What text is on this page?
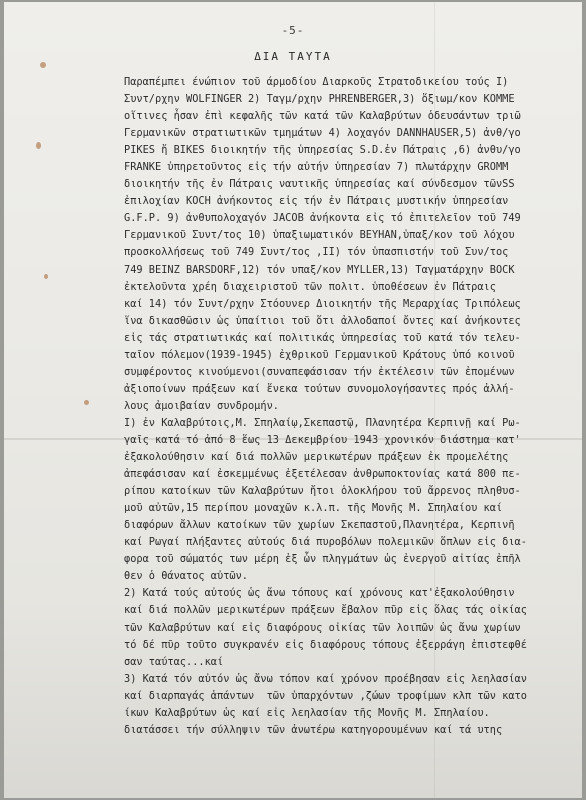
-5-
ΔΙΑ ΤΑΥΤΑ
Παραπέμπει ένώπιον τοῦ άρμοδίου Διαρκοῦς Στρατοδικείου τούς Ι)
Συντ/ρχην WOLFINGER 2) Ταγμ/ρχην PHRENBERGER,3) ὅξιωμ/κον ΚΟΜΜΕ
οἵτινες ἦσαν ἐπὶ κεφαλῆς τῶν κατά τῶν Καλαβρύτων ὁδευσάντων τριῶ
Γερμανικῶν στρατιωτικῶν τμημάτων 4) λοχαγόν DANNHAUSER,5) ἀνθ/γο
PIKES ἤ BIKES διοικητήν τῆς ὑπηρεσίας S.D.ἐν Πάτραις ,6) ἀνθυ/γο
FRANKE ὑπηρετοῦντος εἰς τήν αὐτήν ὑπηρεσίαν 7) πλωτάρχην GROMM
διοικητήν τῆς ἐν Πάτραις ναυτικῆς ὑπηρεσίας καί σύνδεσμον τῶνSS
ἐπιλοχίαν KOCH ἀνήκοντος εἰς τήν ἐν Πάτραις μυστικήν ὑπηρεσίαν
G.F.P. 9) ἀνθυπολοχαγόν JACOB ἀνήκοντα εἰς τό ἐπιτελεῖον τοῦ 749
Γερμανικοῦ Συντ/τος 10) ὑπαξιωματικόν BEYHAN,ὑπαξ/κον τοῦ λόχου
προσκολλήσεως τοῦ 749 Συντ/τος ,ΙΙ) τόν ὑπασπιστήν τοῦ Συν/τος
749 BEINZ BARSDORF,12) τόν υπαξ/κον MYLLER,13) Ταγματάρχην BOCK
ἐκτελοῦντα χρέη διαχειριστοῦ τῶν πολιτ. ὑποθέσεων ἐν Πάτραις
καί 14) τόν Συντ/ρχην Στόουνερ Διοικητήν τῆς Μεραρχίας Τριπόλεως
ἵνα δικασθῶσιν ὡς ὑπαίτιοι τοῦ ὅτι ἀλλοδαποί ὄντες καί ἀνήκοντες
εἰς τάς στρατιωτικάς καί πολιτικάς ὑπηρεσίας τοῦ κατά τόν τελευ-
ταῖον πόλεμον(1939-1945) ἐχθρικοῦ Γερμανικοῦ Κράτους ὑπό κοινοῦ
συμφέροντος κινούμενοι(συναπεφάσισαν τήν ἐκτέλεσιν τῶν ἐπομένων
ἀξιοποίνων πράξεων καί ἕνεκα τούτων συνομολογήσαντες πρός ἀλλή-
λους ἀμοιβαίαν συνδρομήν.
Ι) ἐν Καλαβρύτοις,Μ. Σπηλαίῳ,Σκεπαστῷ, Πλανητέρα Κερπινῇ καί Ρω-
γαῖς κατά τό ἀπό 8 ἕως 13 Δεκεμβρίου 1943 χρονικόν διάστημα κατ'
ἐξακολούθησιν καί διά πολλῶν μερικωτέρων πράξεων ἐκ προμελέτης
ἀπεφάσισαν καί ἐσκεμμένως ἐξετέλεσαν ἀνθρωποκτονίας κατά 800 πε-
ρίπου κατοίκων τῶν Καλαβρύτων ἤτοι ὁλοκλήρου τοῦ ἄρρενος πληθυσ-
μοῦ αὐτῶν,15 περίπου μοναχῶν κ.λ.π. τῆς Μονῆς Μ. Σπηλαίου καί
διαφόρων ἄλλων κατοίκων τῶν χωρίων Σκεπαστοῦ,Πλανητέρα, Κερπινῆ
καί Ρωγαί πλήξαντες αὐτούς διά πυροβόλων πολεμικῶν ὅπλων εἰς δια-
φορα τοῦ σώματός των μέρη ἐξ ὧν πληγμάτων ὡς ἐνεργοῦ αἰτίας ἐπῆλ
θεν ὁ θάνατος αὐτῶν.
2) Κατά τούς αὐτούς ὡς ἄνω τόπους καί χρόνους κατ'ἐξακολούθησιν
καί διά πολλῶν μερικωτέρων πράξεων ἔβαλον πῦρ εἰς ὅλας τάς οἰκίας
τῶν Καλαβρύτων καί εἰς διαφόρους οἰκίας τῶν λοιπῶν ὡς ἄνω χωρίων
τό δέ πῦρ τοῦτο συγκρανέν εἰς διαφόρους τόπους ἐξερράγη ἐπιστεφθέ
σαν ταύτας...καί
3) Κατά τόν αὐτόν ὡς ἄνω τόπον καί χρόνον προέβησαν εἰς λεηλασίαν
καί διαρπαγάς ἁπάντων  τῶν ὑπαρχόντων ,ζώων τροφίμων κλπ τῶν κατο
ίκων Καλαβρύτων ὡς καί εἰς λεηλασίαν τῆς Μονῆς Μ. Σπηλαίου.
διατάσσει τήν σύλληψιν τῶν ἀνωτέρω κατηγορουμένων καί τά υτης
